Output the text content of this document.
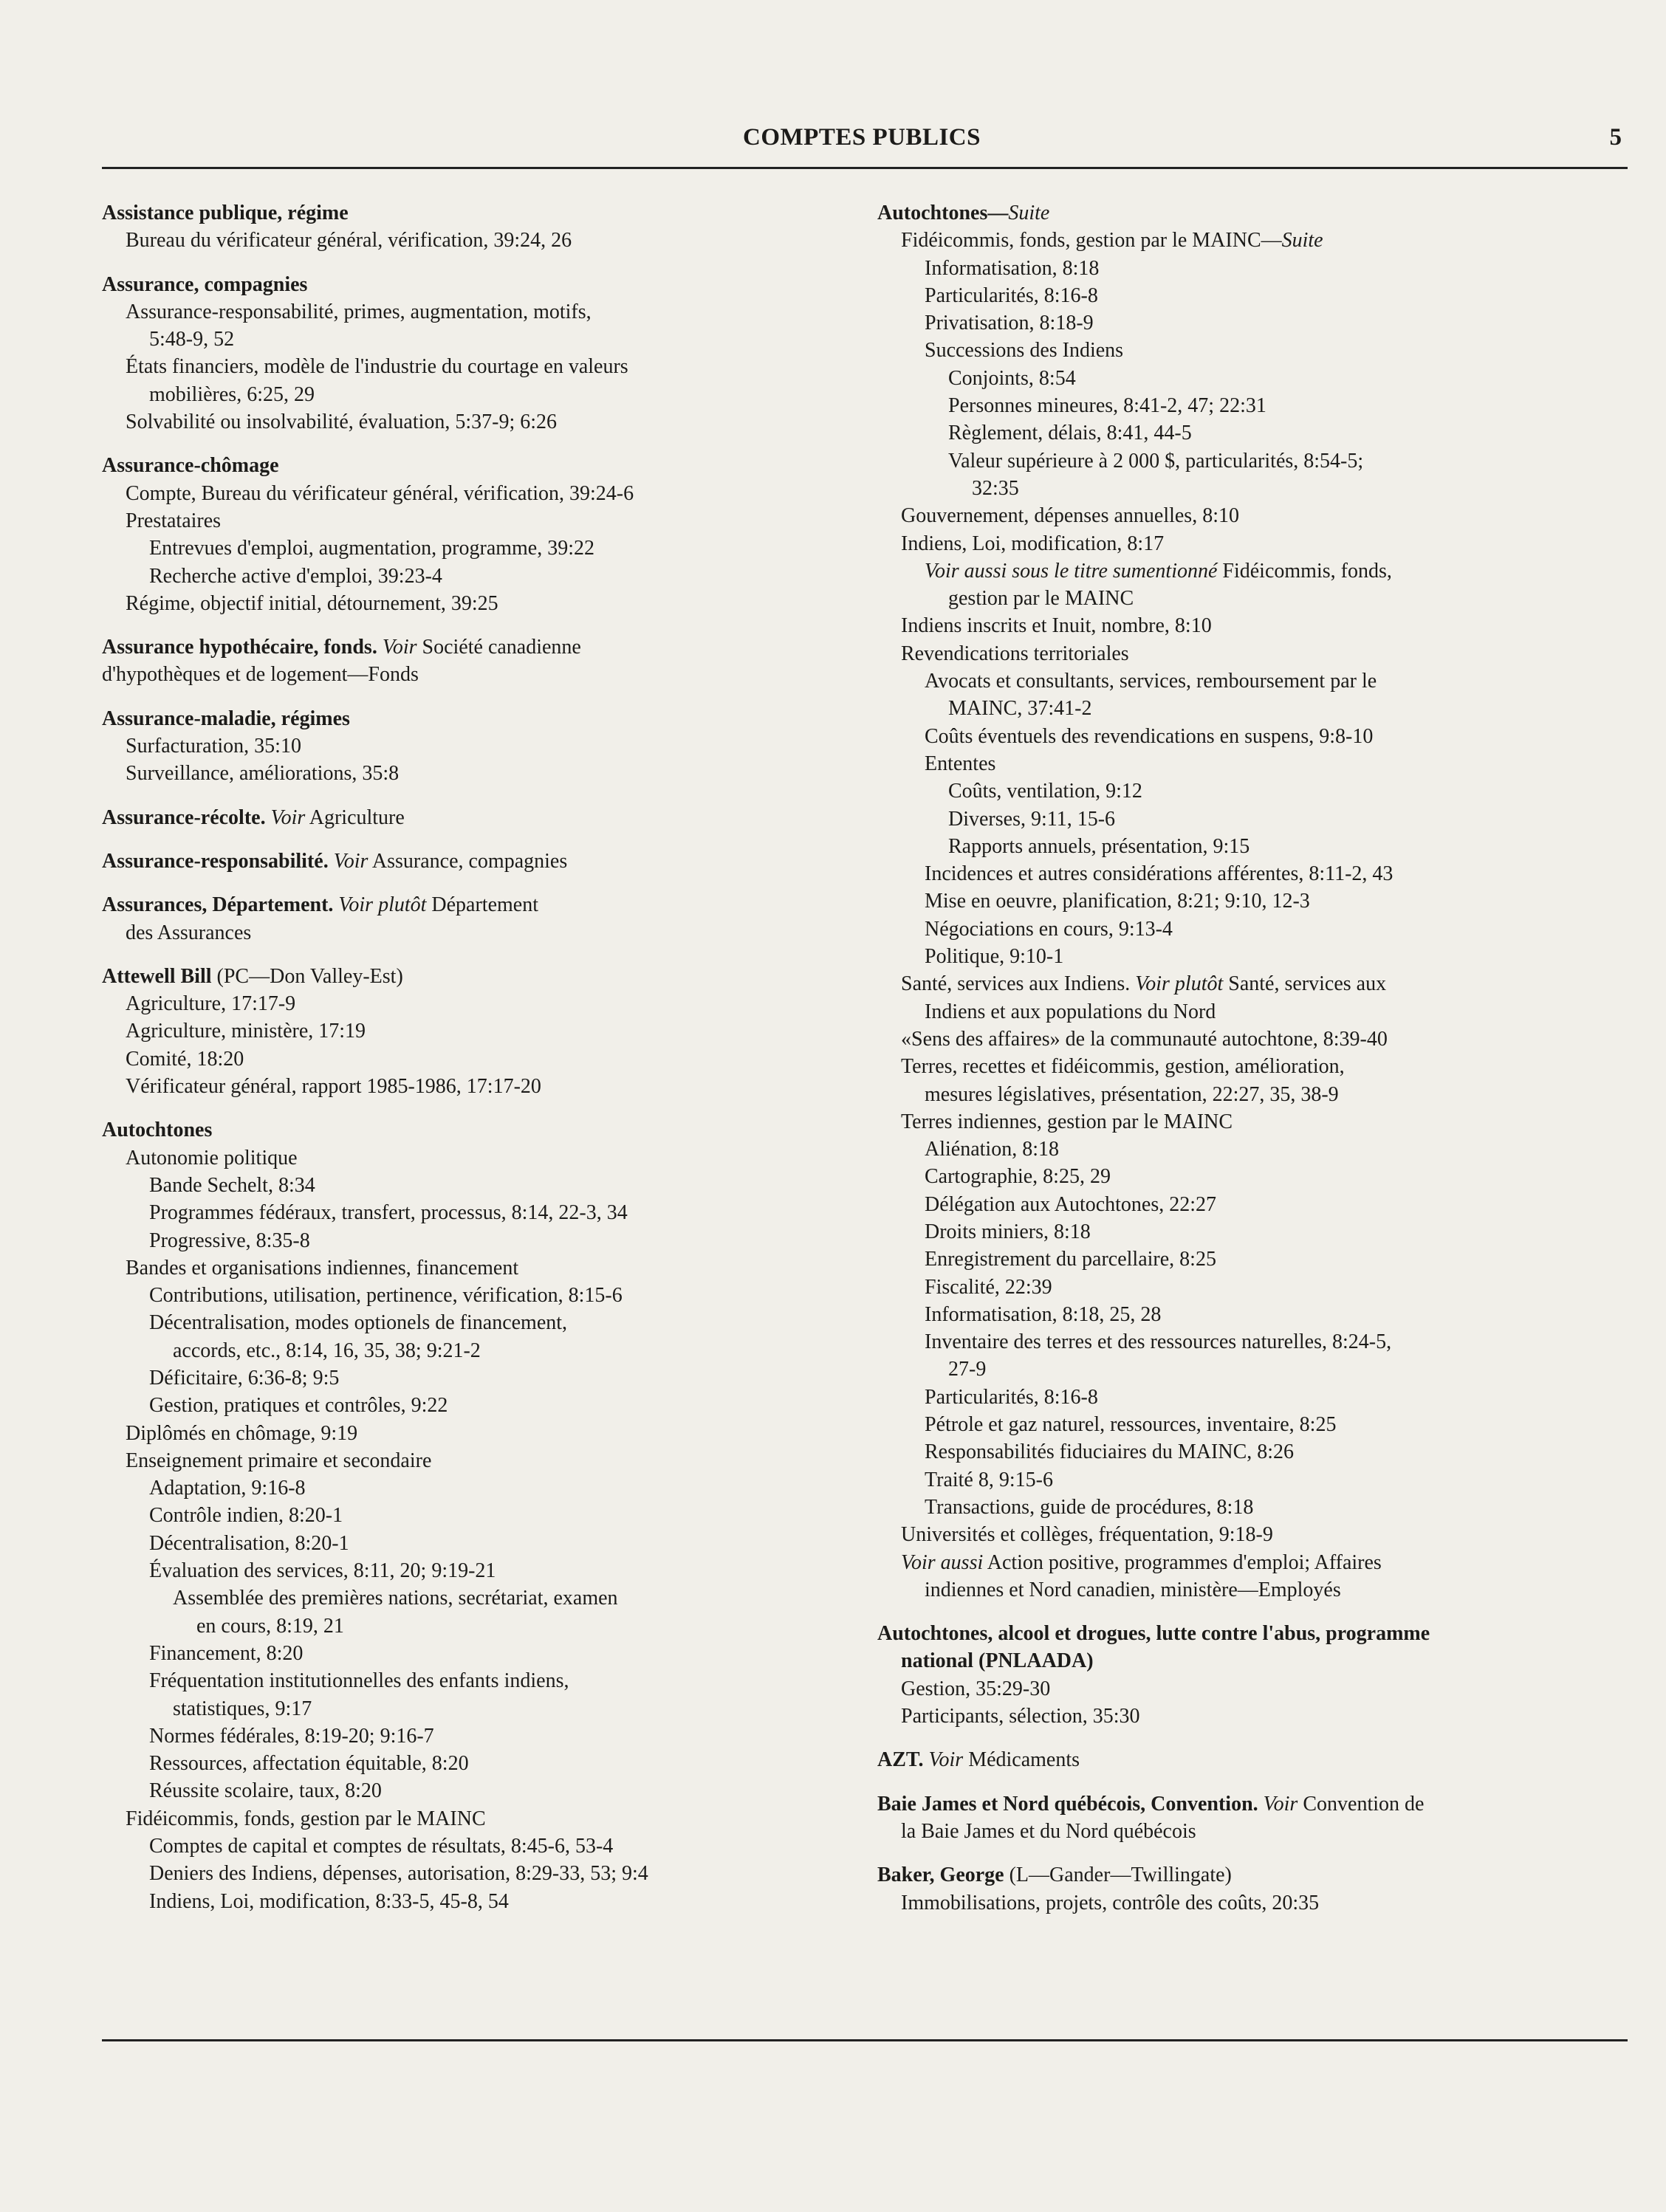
COMPTES PUBLICS	5
Assistance publique, régime
Bureau du vérificateur général, vérification, 39:24, 26
Assurance, compagnies
Assurance-responsabilité, primes, augmentation, motifs,
5:48-9, 52
États financiers, modèle de l'industrie du courtage en valeurs
mobilières, 6:25, 29
Solvabilité ou insolvabilité, évaluation, 5:37-9; 6:26
Assurance-chômage
Compte, Bureau du vérificateur général, vérification, 39:24-6
Prestataires
Entrevues d'emploi, augmentation, programme, 39:22
Recherche active d'emploi, 39:23-4
Régime, objectif initial, détournement, 39:25
Assurance hypothécaire, fonds. Voir Société canadienne
d'hypothèques et de logement—Fonds
Assurance-maladie, régimes
Surfacturation, 35:10
Surveillance, améliorations, 35:8
Assurance-récolte. Voir Agriculture
Assurance-responsabilité. Voir Assurance, compagnies
Assurances, Département. Voir plutôt Département
des Assurances
Attewell Bill (PC—Don Valley-Est)
Agriculture, 17:17-9
Agriculture, ministère, 17:19
Comité, 18:20
Vérificateur général, rapport 1985-1986, 17:17-20
Autochtones
Autonomie politique
Bande Sechelt, 8:34
Programmes fédéraux, transfert, processus, 8:14, 22-3, 34
Progressive, 8:35-8
Bandes et organisations indiennes, financement
Contributions, utilisation, pertinence, vérification, 8:15-6
Décentralisation, modes optionels de financement,
accords, etc., 8:14, 16, 35, 38; 9:21-2
Déficitaire, 6:36-8; 9:5
Gestion, pratiques et contrôles, 9:22
Diplômés en chômage, 9:19
Enseignement primaire et secondaire
Adaptation, 9:16-8
Contrôle indien, 8:20-1
Décentralisation, 8:20-1
Évaluation des services, 8:11, 20; 9:19-21
Assemblée des premières nations, secrétariat, examen
en cours, 8:19, 21
Financement, 8:20
Fréquentation institutionnelles des enfants indiens,
statistiques, 9:17
Normes fédérales, 8:19-20; 9:16-7
Ressources, affectation équitable, 8:20
Réussite scolaire, taux, 8:20
Fidéicommis, fonds, gestion par le MAINC
Comptes de capital et comptes de résultats, 8:45-6, 53-4
Deniers des Indiens, dépenses, autorisation, 8:29-33, 53; 9:4
Indiens, Loi, modification, 8:33-5, 45-8, 54
Autochtones—Suite
Fidéicommis, fonds, gestion par le MAINC—Suite
Informatisation, 8:18
Particularités, 8:16-8
Privatisation, 8:18-9
Successions des Indiens
Conjoints, 8:54
Personnes mineures, 8:41-2, 47; 22:31
Règlement, délais, 8:41, 44-5
Valeur supérieure à 2 000 $, particularités, 8:54-5;
32:35
Gouvernement, dépenses annuelles, 8:10
Indiens, Loi, modification, 8:17
Voir aussi sous le titre sumentionné Fidéicommis, fonds,
gestion par le MAINC
Indiens inscrits et Inuit, nombre, 8:10
Revendications territoriales
Avocats et consultants, services, remboursement par le
MAINC, 37:41-2
Coûts éventuels des revendications en suspens, 9:8-10
Ententes
Coûts, ventilation, 9:12
Diverses, 9:11, 15-6
Rapports annuels, présentation, 9:15
Incidences et autres considérations afférentes, 8:11-2, 43
Mise en oeuvre, planification, 8:21; 9:10, 12-3
Négociations en cours, 9:13-4
Politique, 9:10-1
Santé, services aux Indiens. Voir plutôt Santé, services aux
Indiens et aux populations du Nord
«Sens des affaires» de la communauté autochtone, 8:39-40
Terres, recettes et fidéicommis, gestion, amélioration,
mesures législatives, présentation, 22:27, 35, 38-9
Terres indiennes, gestion par le MAINC
Aliénation, 8:18
Cartographie, 8:25, 29
Délégation aux Autochtones, 22:27
Droits miniers, 8:18
Enregistrement du parcellaire, 8:25
Fiscalité, 22:39
Informatisation, 8:18, 25, 28
Inventaire des terres et des ressources naturelles, 8:24-5,
27-9
Particularités, 8:16-8
Pétrole et gaz naturel, ressources, inventaire, 8:25
Responsabilités fiduciaires du MAINC, 8:26
Traité 8, 9:15-6
Transactions, guide de procédures, 8:18
Universités et collèges, fréquentation, 9:18-9
Voir aussi Action positive, programmes d'emploi; Affaires
indiennes et Nord canadien, ministère—Employés
Autochtones, alcool et drogues, lutte contre l'abus, programme
national (PNLAADA)
Gestion, 35:29-30
Participants, sélection, 35:30
AZT. Voir Médicaments
Baie James et Nord québécois, Convention. Voir Convention de
la Baie James et du Nord québécois
Baker, George (L—Gander—Twillingate)
Immobilisations, projets, contrôle des coûts, 20:35
